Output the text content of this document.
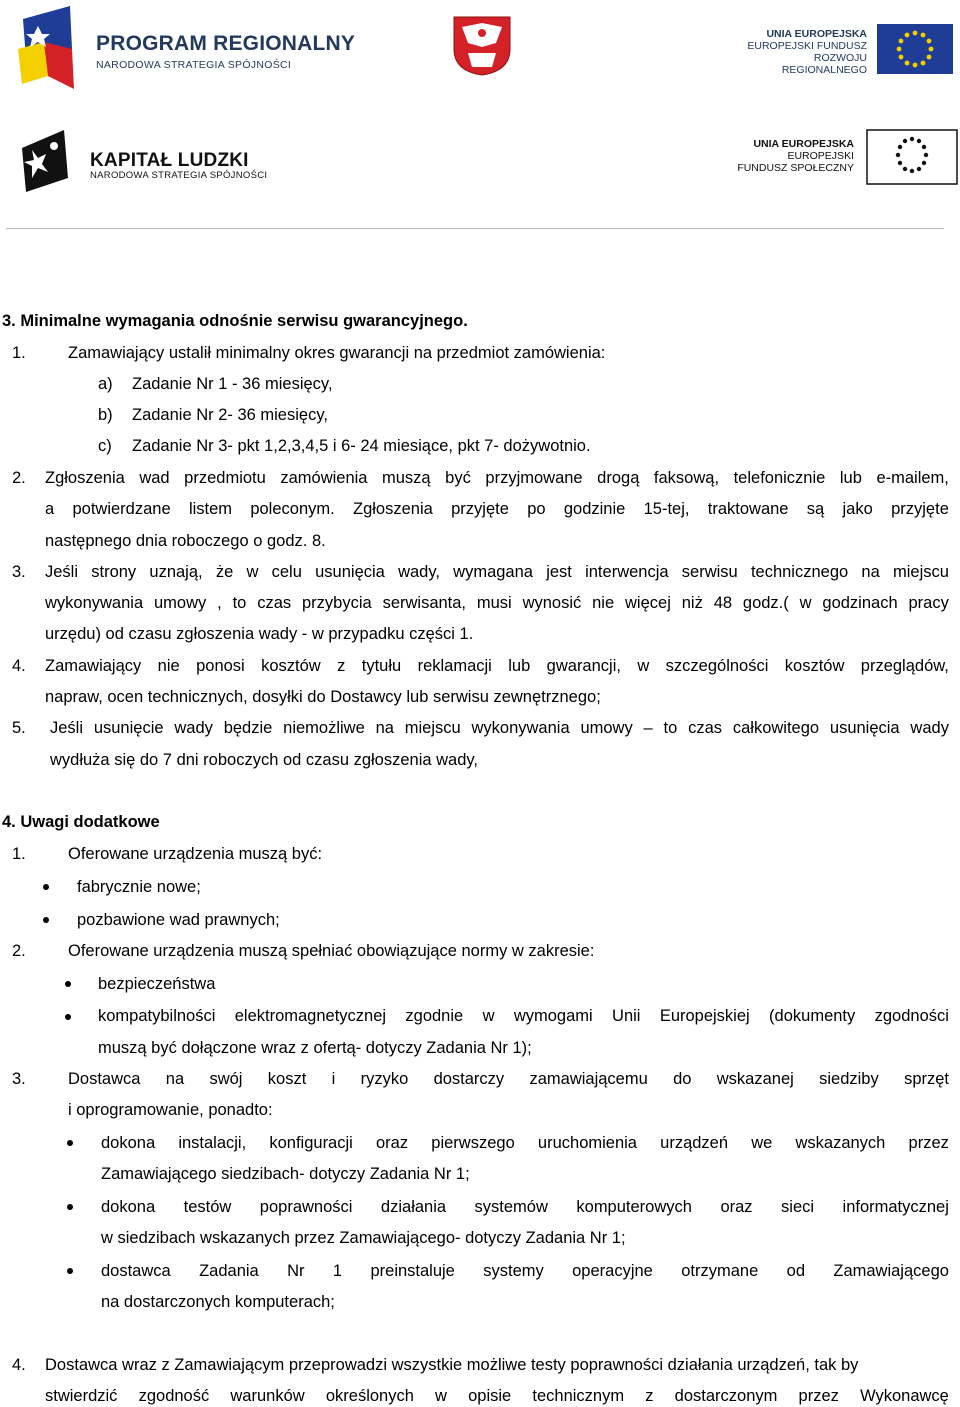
PROGRAM REGIONALNY
NARODOWA STRATEGIA SPÓJNOŚCI
UNIA EUROPEJSKA
EUROPEJSKI FUNDUSZ
ROZWOJU REGIONALNEGO
KAPITAŁ LUDZKI
NARODOWA STRATEGIA SPÓJNOŚCI
UNIA EUROPEJSKA
EUROPEJSKI
FUNDUSZ SPOŁECZNY
3. Minimalne wymagania odnośnie serwisu gwarancyjnego.
1.	Zamawiający ustalił minimalny okres gwarancji na przedmiot zamówienia:
a) Zadanie Nr 1 - 36 miesięcy,
b) Zadanie Nr 2- 36 miesięcy,
c) Zadanie Nr 3- pkt 1,2,3,4,5 i 6- 24 miesiące, pkt 7- dożywotnio.
2. Zgłoszenia wad przedmiotu zamówienia muszą być przyjmowane drogą faksową, telefonicznie lub e-mailem,
a potwierdzane listem poleconym. Zgłoszenia przyjęte po godzinie 15-tej, traktowane są jako przyjęte
następnego dnia roboczego o godz. 8.
3. Jeśli strony uznają, że w celu usunięcia wady, wymagana jest interwencja serwisu technicznego na miejscu
wykonywania umowy , to czas przybycia serwisanta, musi wynosić nie więcej niż 48 godz.( w godzinach pracy
urzędu) od czasu zgłoszenia wady - w przypadku części 1.
4. Zamawiający nie ponosi kosztów z tytułu reklamacji lub gwarancji, w szczególności kosztów przeglądów,
napraw, ocen technicznych, dosyłki do Dostawcy lub serwisu zewnętrznego;
5. Jeśli usunięcie wady będzie niemożliwe na miejscu wykonywania umowy – to czas całkowitego usunięcia wady
wydłuża się do 7 dni roboczych od czasu zgłoszenia wady,
4. Uwagi dodatkowe
1.	Oferowane urządzenia muszą być:
fabrycznie nowe;
pozbawione wad prawnych;
2.	Oferowane urządzenia muszą spełniać obowiązujące normy w zakresie:
bezpieczeństwa
kompatybilności elektromagnetycznej zgodnie w wymogami Unii Europejskiej (dokumenty zgodności
muszą być dołączone wraz z ofertą- dotyczy Zadania Nr 1);
3.	Dostawca na swój koszt i ryzyko dostarczy zamawiającemu do wskazanej siedziby sprzęt
i oprogramowanie, ponadto:
dokona instalacji, konfiguracji oraz pierwszego uruchomienia urządzeń we wskazanych przez
Zamawiającego siedzibach- dotyczy Zadania Nr 1;
dokona testów poprawności działania systemów komputerowych oraz sieci informatycznej
w siedzibach wskazanych przez Zamawiającego- dotyczy Zadania Nr 1;
dostawca Zadania Nr 1 preinstaluje systemy operacyjne otrzymane od Zamawiającego
na dostarczonych komputerach;
4. Dostawca wraz z Zamawiającym przeprowadzi wszystkie możliwe testy poprawności działania urządzeń, tak by
stwierdzić zgodność warunków określonych w opisie technicznym z dostarczonym przez Wykonawcę
